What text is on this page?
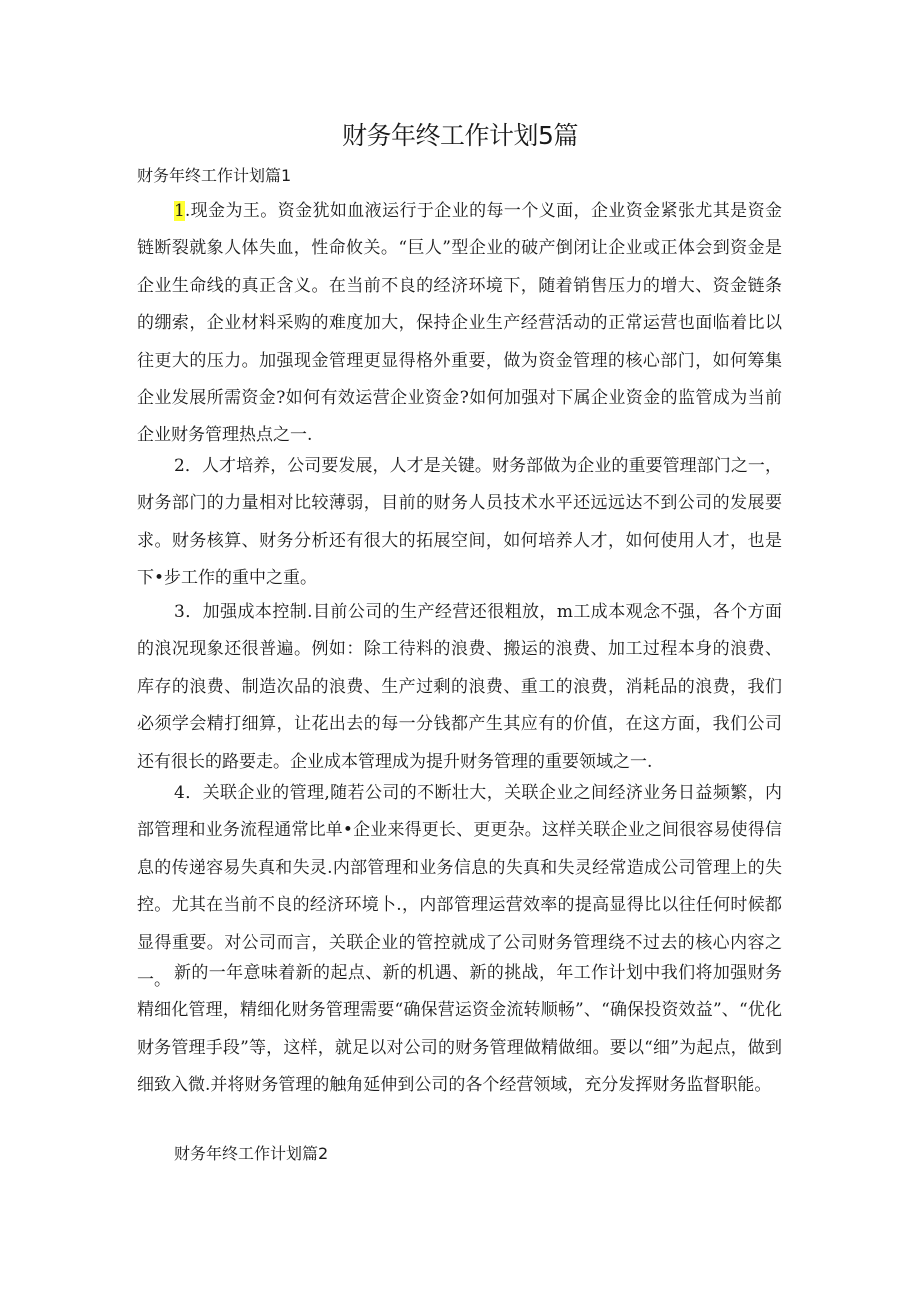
财务年终工作计划5篇

财务年终工作计划篇1

1.现金为王。资金犹如血液运行于企业的每一个义面，企业资金紧张尤其是资金链断裂就象人体失血，性命攸关。“巨人”型企业的破产倒闭让企业或正体会到资金是企业生命线的真正含义。在当前不良的经济环境下，随着销售压力的增大、资金链条的绷索，企业材料采购的难度加大，保持企业生产经营活动的正常运营也面临着比以往更大的压力。加强现金管理更显得格外重要，做为资金管理的核心部门，如何筹集企业发展所需资金?如何有效运营企业资金?如何加强对下属企业资金的监管成为当前企业财务管理热点之一.

2．人才培养，公司要发展，人才是关键。财务部做为企业的重要管理部门之一，财务部门的力量相对比较薄弱，目前的财务人员技术水平还远远达不到公司的发展要求。财务核算、财务分析还有很大的拓展空间，如何培养人才，如何使用人才，也是下•步工作的重中之重。

3．加强成本控制.目前公司的生产经营还很粗放，m工成本观念不强，各个方面的浪况现象还很普遍。例如：除工待料的浪费、搬运的浪费、加工过程本身的浪费、库存的浪费、制造次品的浪费、生产过剩的浪费、重工的浪费，消耗品的浪费，我们必须学会精打细算，让花出去的每一分钱都产生其应有的价值，在这方面，我们公司还有很长的路要走。企业成本管理成为提升财务管理的重要领域之一.

4．关联企业的管理,随若公司的不断壮大，关联企业之间经济业务日益频繁，内部管理和业务流程通常比单•企业来得更长、更更杂。这样关联企业之间很容易使得信息的传递容易失真和失灵.内部管理和业务信息的失真和失灵经常造成公司管理上的失控。尤其在当前不良的经济环境卜.，内部管理运营效率的提高显得比以往任何时候都显得重要。对公司而言，关联企业的管控就成了公司财务管理绕不过去的核心内容之一。 新的一年意味着新的起点、新的机遇、新的挑战，年工作计划中我们将加强财务精细化管理，精细化财务管理需要“确保营运资金流转顺畅”、“确保投资效益”、“优化财务管理手段”等，这样，就足以对公司的财务管理做精做细。要以“细”为起点，做到细致入微.并将财务管理的触角延伸到公司的各个经营领域，充分发挥财务监督职能。

财务年终工作计划篇2
